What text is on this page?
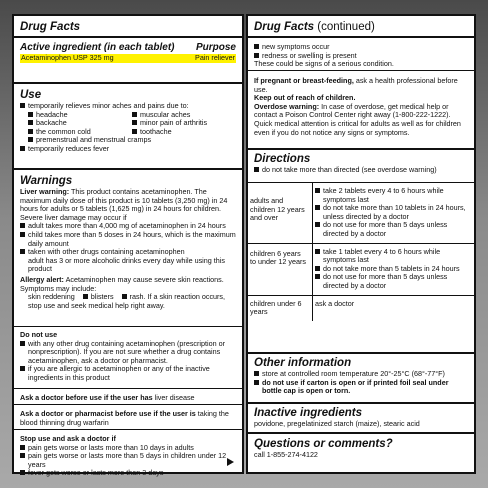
Drug Facts
Active ingredient (in each tablet) Purpose
Acetaminophen USP 325 mg	Pain reliever
Use
temporarily relieves minor aches and pains due to:
headache
backache
the common cold
muscular aches
minor pain of arthritis
toothache
premenstrual and menstrual cramps
temporarily reduces fever
Warnings
Liver warning: This product contains acetaminophen. The maximum daily dose of this product is 10 tablets (3,250 mg) in 24 hours for adults or 5 tablets (1,625 mg) in 24 hours for children. Severe liver damage may occur if
adult takes more than 4,000 mg of acetaminophen in 24 hours
child takes more than 5 doses in 24 hours, which is the maximum daily amount
taken with other drugs containing acetaminophen
adult has 3 or more alcoholic drinks every day while using this product
Allergy alert: Acetaminophen may cause severe skin reactions. Symptoms may include:
skin reddening blisters rash. If a skin reaction occurs, stop use and seek medical help right away.
Do not use
with any other drug containing acetaminophen (prescription or nonprescription). If you are not sure whether a drug contains acetaminophen, ask a doctor or pharmacist.
if you are allergic to acetaminophen or any of the inactive ingredients in this product
Ask a doctor before use if the user has liver disease
Ask a doctor or pharmacist before use if the user is taking the blood thinning drug warfarin
Stop use and ask a doctor if
pain gets worse or lasts more than 10 days in adults
pain gets worse or lasts more than 5 days in children under 12 years
fever gets worse or lasts more than 3 days
Drug Facts (continued)
new symptoms occur
redness or swelling is present
These could be signs of a serious condition.
If pregnant or breast-feeding, ask a health professional before use.
Keep out of reach of children.
Overdose warning: In case of overdose, get medical help or contact a Poison Control Center right away (1-800-222-1222). Quick medical attention is critical for adults as well as for children even if you do not notice any signs or symptoms.
Directions
do not take more than directed (see overdose warning)
adults and children 12 years and over	take 2 tablets every 4 to 6 hours while symptoms last
do not take more than 10 tablets in 24 hours, unless directed by a doctor
do not use for more than 5 days unless directed by a doctor

children 6 years to under 12 years	take 1 tablet every 4 to 6 hours while symptoms last
do not take more than 5 tablets in 24 hours
do not use for more than 5 days unless directed by a doctor

children under 6 years	ask a doctor
Other information
store at controlled room temperature 20°-25°C (68°-77°F)
do not use if carton is open or if printed foil seal under bottle cap is open or torn.
Inactive ingredients
povidone, pregelatinized starch (maize), stearic acid
Questions or comments?
call 1-855-274-4122
